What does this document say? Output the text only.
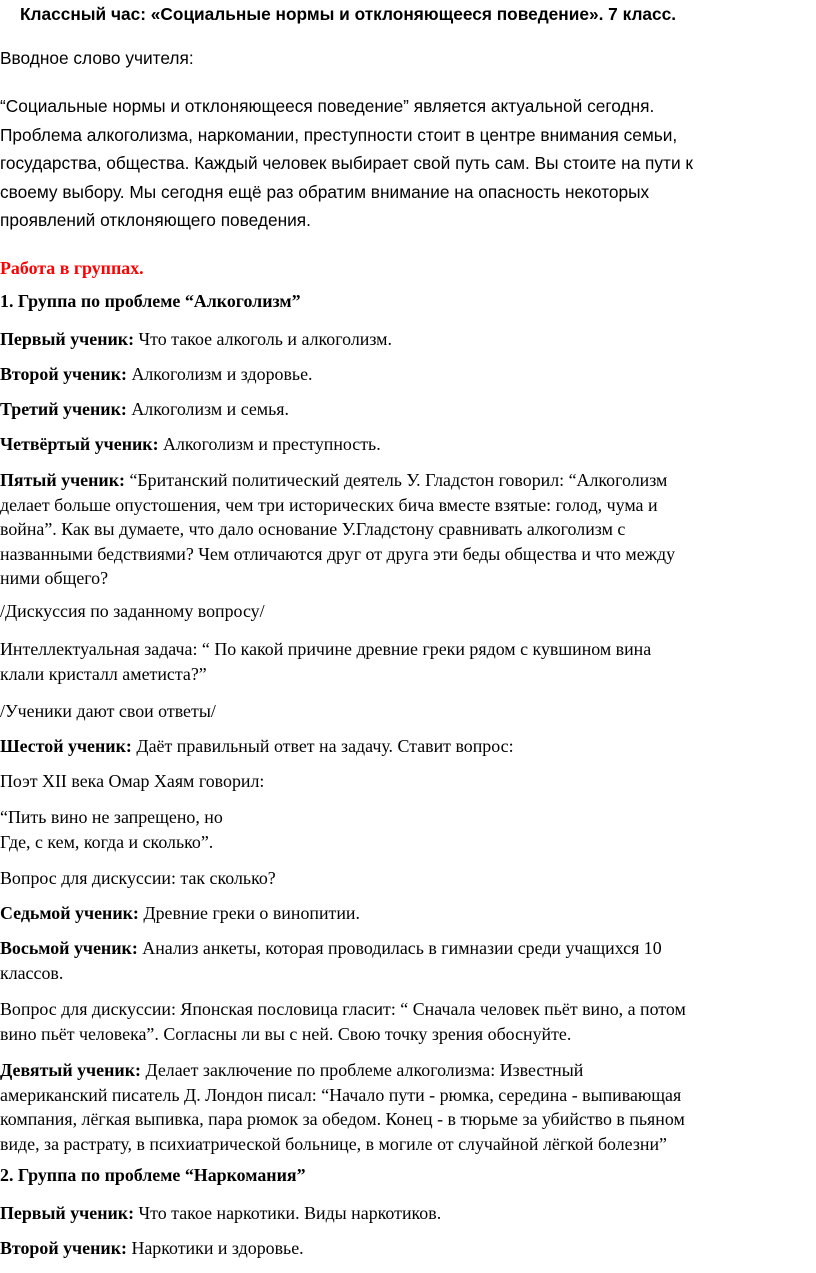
Классный час: «Социальные нормы и отклоняющееся поведение». 7 класс.
Вводное слово учителя:
“Социальные нормы и отклоняющееся поведение” является актуальной сегодня.
Проблема алкоголизма, наркомании, преступности стоит в центре внимания семьи,
государства, общества. Каждый человек выбирает свой путь сам. Вы стоите на пути к
своему выбору. Мы сегодня ещё раз обратим внимание на опасность некоторых
проявлений отклоняющего поведения.
Работа в группах.
1. Группа по проблеме “Алкоголизм”
Первый ученик: Что такое алкоголь и алкоголизм.
Второй ученик: Алкоголизм и здоровье.
Третий ученик: Алкоголизм и семья.
Четвёртый ученик: Алкоголизм и преступность.
Пятый ученик: “Британский политический деятель У. Гладстон говорил: “Алкоголизм
делает больше опустошения, чем три исторических бича вместе взятые: голод, чума и
война”. Как вы думаете, что дало основание У.Гладстону сравнивать алкоголизм с
названными бедствиями? Чем отличаются друг от друга эти беды общества и что между
ними общего?
/Дискуссия по заданному вопросу/
Интеллектуальная задача: “ По какой причине древние греки рядом с кувшином вина
клали кристалл аметиста?”
/Ученики дают свои ответы/
Шестой ученик: Даёт правильный ответ на задачу. Ставит вопрос:
Поэт XII века Омар Хаям говорил:
“Пить вино не запрещено, но
Где, с кем, когда и сколько”.
Вопрос для дискуссии: так сколько?
Седьмой ученик: Древние греки о винопитии.
Восьмой ученик: Анализ анкеты, которая проводилась в гимназии среди учащихся 10
классов.
Вопрос для дискуссии: Японская пословица гласит: “ Сначала человек пьёт вино, а потом
вино пьёт человека”. Согласны ли вы с ней. Свою точку зрения обоснуйте.
Девятый ученик: Делает заключение по проблеме алкоголизма: Известный
американский писатель Д. Лондон писал: “Начало пути - рюмка, середина - выпивающая
компания, лёгкая выпивка, пара рюмок за обедом. Конец - в тюрьме за убийство в пьяном
виде, за растрату, в психиатрической больнице, в могиле от случайной лёгкой болезни”
2. Группа по проблеме “Наркомания”
Первый ученик: Что такое наркотики. Виды наркотиков.
Второй ученик: Наркотики и здоровье.
